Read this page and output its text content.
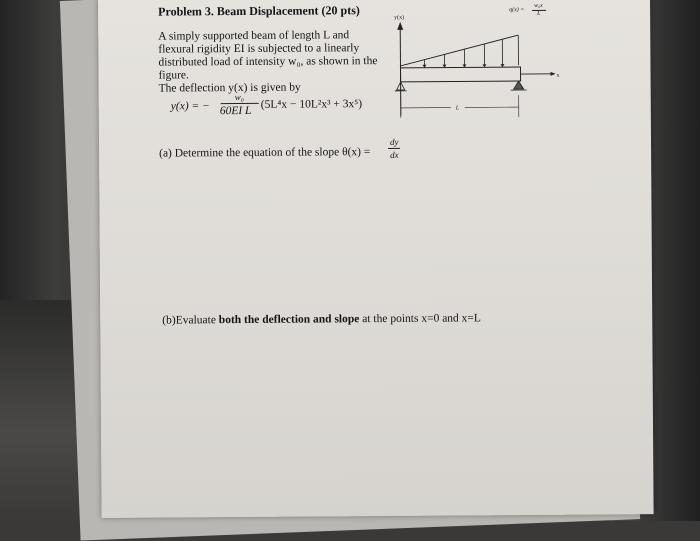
Problem 3. Beam Displacement (20 pts)
A simply supported beam of length L and
flexural rigidity EI is subjected to a linearly
distributed load of intensity w₀, as shown in the
figure.
The deflection y(x) is given by
y(x) = −
w₀
60EI L
(5L⁴x − 10L²x³ + 3x⁵)
(a) Determine the equation of the slope θ(x) =
dy
dx
(b)Evaluate both the deflection and slope at the points x=0 and x=L
y(x)
x
L
q(x) =
w₀x
L
